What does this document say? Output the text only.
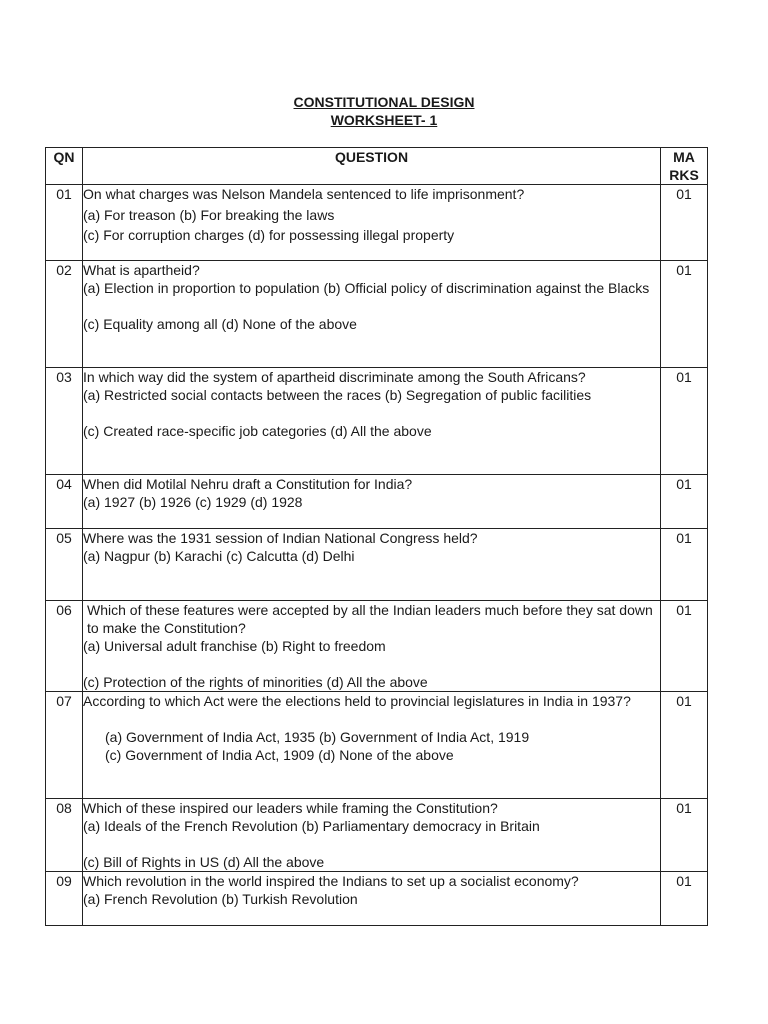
CONSTITUTIONAL DESIGN
WORKSHEET- 1
QN	QUESTION	MA
RKS

01	On what charges was Nelson Mandela sentenced to life imprisonment?
(a) For treason (b) For breaking the laws
(c) For corruption charges (d) for possessing illegal property	01
02	What is apartheid?
(a) Election in proportion to population (b) Official policy of discrimination against the Blacks
(c) Equality among all (d) None of the above	01
03	In which way did the system of apartheid discriminate among the South Africans?
(a) Restricted social contacts between the races (b) Segregation of public facilities
(c) Created race-specific job categories (d) All the above	01
04	When did Motilal Nehru draft a Constitution for India?
(a) 1927 (b) 1926 (c) 1929 (d) 1928	01
05	Where was the 1931 session of Indian National Congress held?
(a) Nagpur (b) Karachi (c) Calcutta (d) Delhi	01
06	Which of these features were accepted by all the Indian leaders much before they sat down to make the Constitution?
(a) Universal adult franchise (b) Right to freedom
(c) Protection of the rights of minorities (d) All the above	01
07	According to which Act were the elections held to provincial legislatures in India in 1937?
(a) Government of India Act, 1935 (b) Government of India Act, 1919
(c) Government of India Act, 1909 (d) None of the above	01
08	Which of these inspired our leaders while framing the Constitution?
(a) Ideals of the French Revolution (b) Parliamentary democracy in Britain
(c) Bill of Rights in US (d) All the above	01
09	Which revolution in the world inspired the Indians to set up a socialist economy?
(a) French Revolution (b) Turkish Revolution	01
